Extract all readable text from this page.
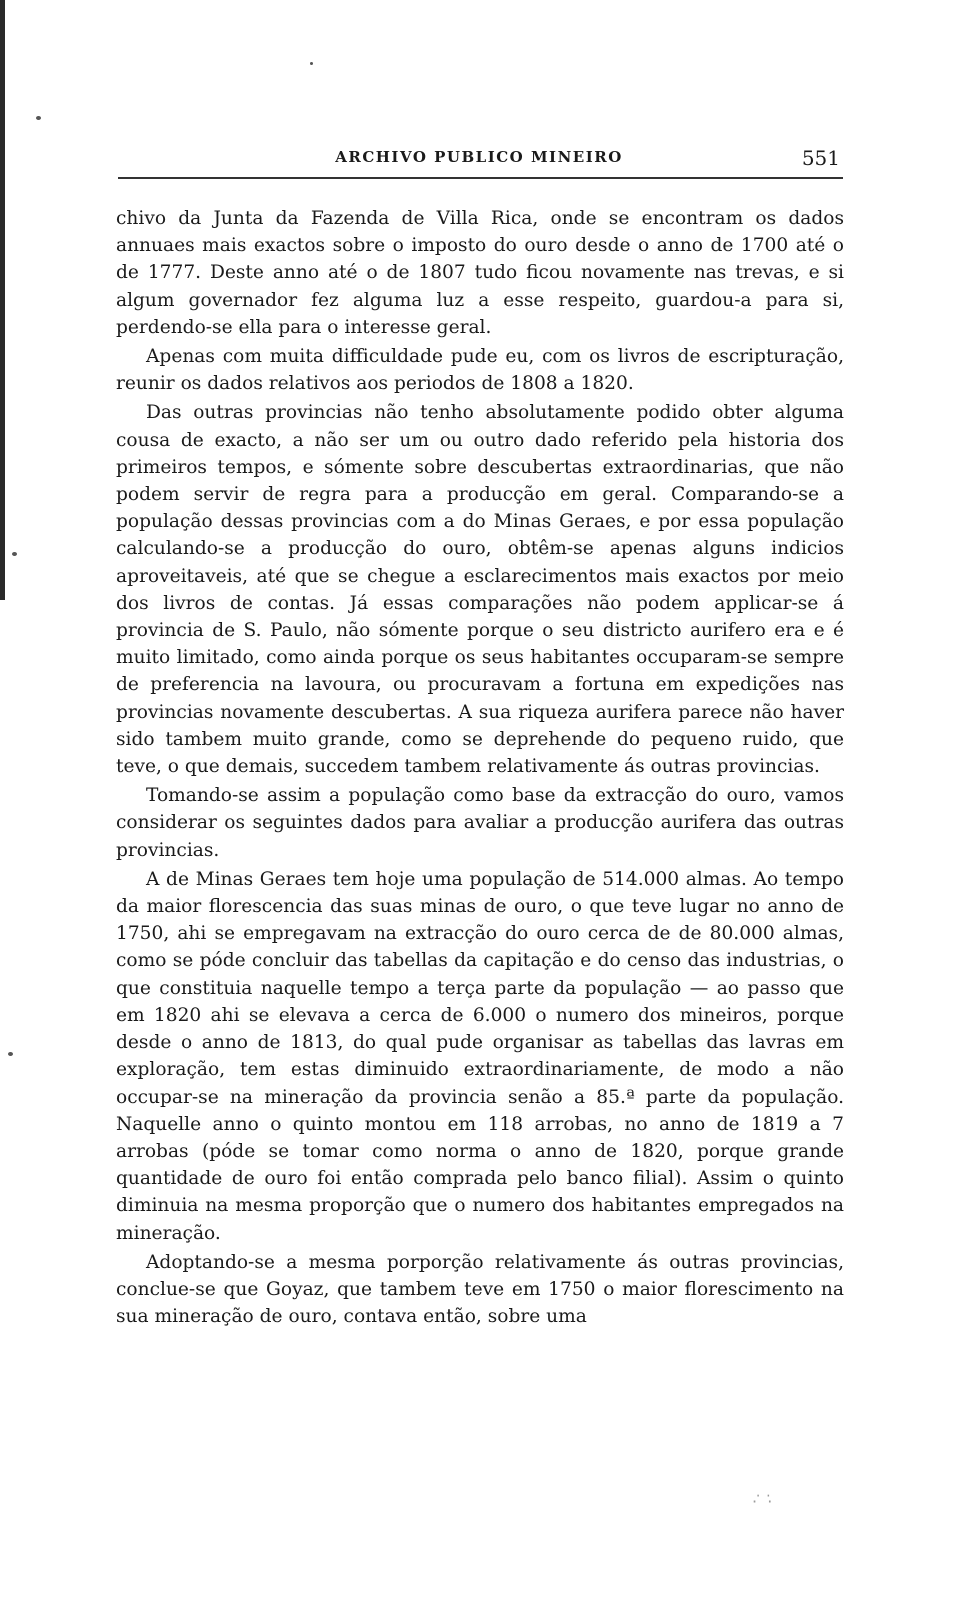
ARCHIVO PUBLICO MINEIRO	551

chivo da Junta da Fazenda de Villa Rica, onde se encontram os dados annuaes mais exactos sobre o imposto do ouro desde o anno de 1700 até o de 1777. Deste anno até o de 1807 tudo ficou novamente nas trevas, e si algum governador fez alguma luz a esse respeito, guardou-a para si, perdendo-se ella para o interesse geral.

Apenas com muita difficuldade pude eu, com os livros de escripturação, reunir os dados relativos aos periodos de 1808 a 1820.

Das outras provincias não tenho absolutamente podido obter alguma cousa de exacto, a não ser um ou outro dado referido pela historia dos primeiros tempos, e sómente sobre descubertas extraordinarias, que não podem servir de regra para a producção em geral. Comparando-se a população dessas provincias com a do Minas Geraes, e por essa população calculando-se a producção do ouro, obtêm-se apenas alguns indicios aproveitaveis, até que se chegue a esclarecimentos mais exactos por meio dos livros de contas. Já essas comparações não podem applicar-se á provincia de S. Paulo, não sómente porque o seu districto aurifero era e é muito limitado, como ainda porque os seus habitantes occuparam-se sempre de preferencia na lavoura, ou procuravam a fortuna em expedições nas provincias novamente descubertas. A sua riqueza aurifera parece não haver sido tambem muito grande, como se deprehende do pequeno ruido, que teve, o que demais, succedem tambem relativamente ás outras provincias.

Tomando-se assim a população como base da extracção do ouro, vamos considerar os seguintes dados para avaliar a producção aurifera das outras provincias.

A de Minas Geraes tem hoje uma população de 514.000 almas. Ao tempo da maior florescencia das suas minas de ouro, o que teve lugar no anno de 1750, ahi se empregavam na extracção do ouro cerca de de 80.000 almas, como se póde concluir das tabellas da capitação e do censo das industrias, o que constituia naquelle tempo a terça parte da população — ao passo que em 1820 ahi se elevava a cerca de 6.000 o numero dos mineiros, porque desde o anno de 1813, do qual pude organisar as tabellas das lavras em exploração, tem estas diminuido extraordinariamente, de modo a não occupar-se na mineração da provincia senão a 85.ª parte da população. Naquelle anno o quinto montou em 118 arrobas, no anno de 1819 a 7 arrobas (póde se tomar como norma o anno de 1820, porque grande quantidade de ouro foi então comprada pelo banco filial). Assim o quinto diminuia na mesma proporção que o numero dos habitantes empregados na mineração.

Adoptando-se a mesma porporção relativamente ás outras provincias, conclue-se que Goyaz, que tambem teve em 1750 o maior florescimento na sua mineração de ouro, contava então, sobre uma

· ̇ ·̇
